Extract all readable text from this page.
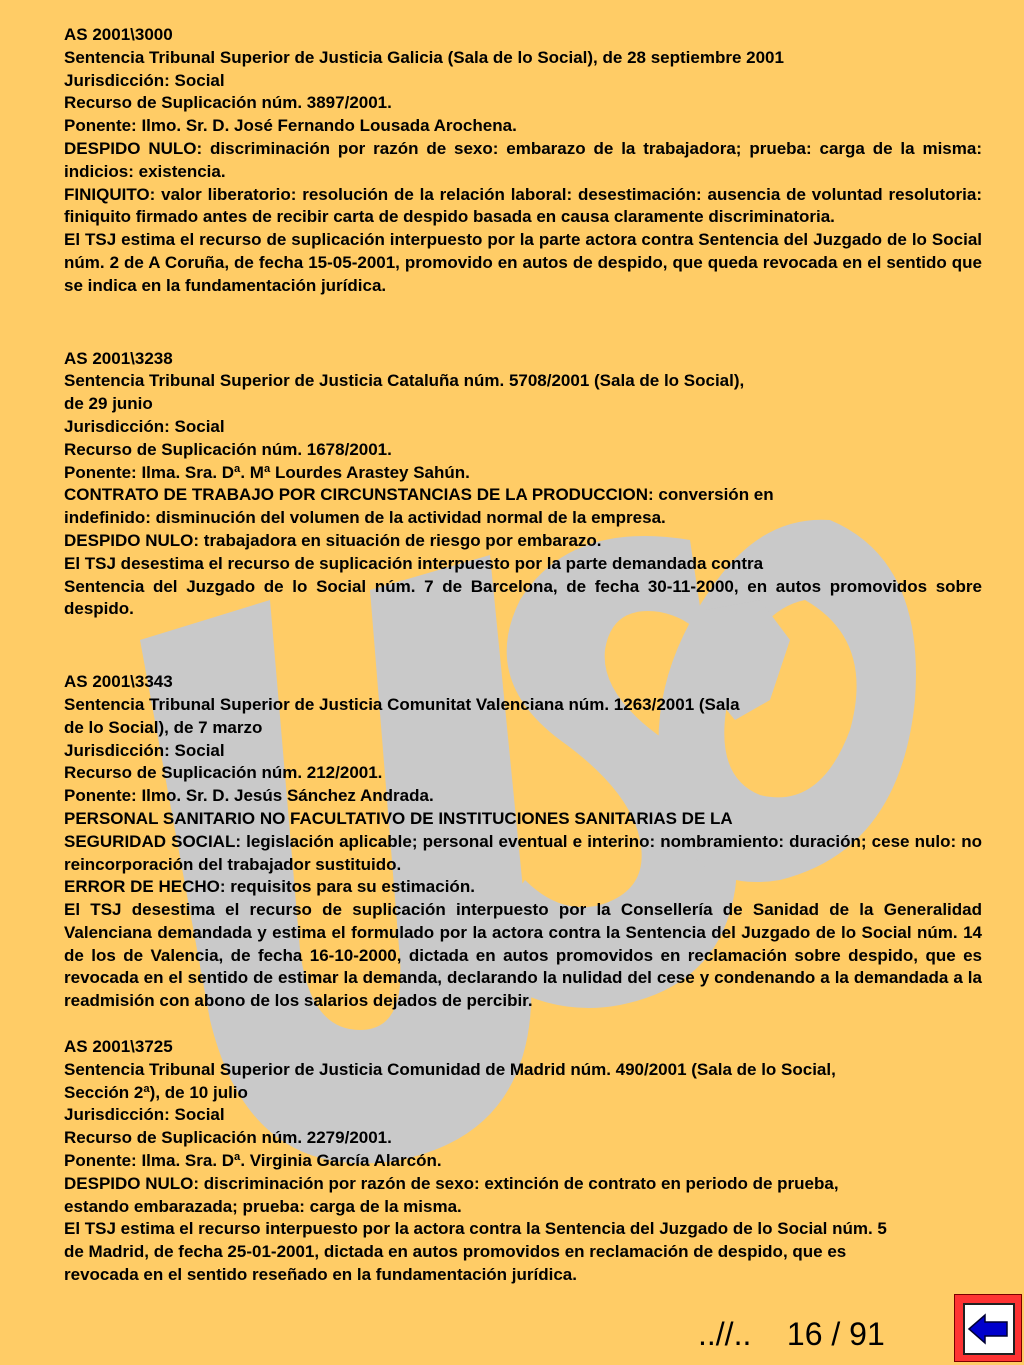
AS 2001\3000
Sentencia Tribunal Superior de Justicia Galicia (Sala de lo Social), de 28 septiembre 2001
Jurisdicción: Social
Recurso de Suplicación núm. 3897/2001.
Ponente: Ilmo. Sr. D. José Fernando Lousada Arochena.
DESPIDO NULO: discriminación por razón de sexo: embarazo de la trabajadora; prueba: carga de la misma: indicios: existencia.
FINIQUITO: valor liberatorio: resolución de la relación laboral: desestimación: ausencia de voluntad resolutoria: finiquito firmado antes de recibir carta de despido basada en causa claramente discriminatoria.
El TSJ estima el recurso de suplicación interpuesto por la parte actora contra Sentencia del Juzgado de lo Social núm. 2 de A Coruña, de fecha 15-05-2001, promovido en autos de despido, que queda revocada en el sentido que se indica en la fundamentación jurídica.
AS 2001\3238
Sentencia Tribunal Superior de Justicia Cataluña núm. 5708/2001 (Sala de lo Social),
de 29 junio
Jurisdicción: Social
Recurso de Suplicación núm. 1678/2001.
Ponente: Ilma. Sra. Dª. Mª Lourdes Arastey Sahún.
CONTRATO DE TRABAJO POR CIRCUNSTANCIAS DE LA PRODUCCION: conversión en
indefinido: disminución del volumen de la actividad normal de la empresa.
DESPIDO NULO: trabajadora en situación de riesgo por embarazo.
El TSJ desestima el recurso de suplicación interpuesto por la parte demandada contra
Sentencia del Juzgado de lo Social núm. 7 de Barcelona, de fecha 30-11-2000, en autos promovidos sobre despido.
AS 2001\3343
Sentencia Tribunal Superior de Justicia Comunitat Valenciana núm. 1263/2001 (Sala
de lo Social), de 7 marzo
Jurisdicción: Social
Recurso de Suplicación núm. 212/2001.
Ponente: Ilmo. Sr. D. Jesús Sánchez Andrada.
PERSONAL SANITARIO NO FACULTATIVO DE INSTITUCIONES SANITARIAS DE LA
SEGURIDAD SOCIAL: legislación aplicable; personal eventual e interino: nombramiento: duración; cese nulo: no reincorporación del trabajador sustituido.
ERROR DE HECHO: requisitos para su estimación.
El TSJ desestima el recurso de suplicación interpuesto por la Consellería de Sanidad de la Generalidad Valenciana demandada y estima el formulado por la actora contra la Sentencia del Juzgado de lo Social núm. 14 de los de Valencia, de fecha 16-10-2000, dictada en autos promovidos en reclamación sobre despido, que es revocada en el sentido de estimar la demanda, declarando la nulidad del cese y condenando a la demandada a la readmisión con abono de los salarios dejados de percibir.
AS 2001\3725
Sentencia Tribunal Superior de Justicia Comunidad de Madrid núm. 490/2001 (Sala de lo Social,
Sección 2ª), de 10 julio
Jurisdicción: Social
Recurso de Suplicación núm. 2279/2001.
Ponente: Ilma. Sra. Dª. Virginia García Alarcón.
DESPIDO NULO: discriminación por razón de sexo: extinción de contrato en periodo de prueba,
estando embarazada; prueba: carga de la misma.
El TSJ estima el recurso interpuesto por la actora contra la Sentencia del Juzgado de lo Social núm. 5
de Madrid, de fecha 25-01-2001, dictada en autos promovidos en reclamación de despido, que es
revocada en el sentido reseñado en la fundamentación jurídica.
..//.. 16 / 91
